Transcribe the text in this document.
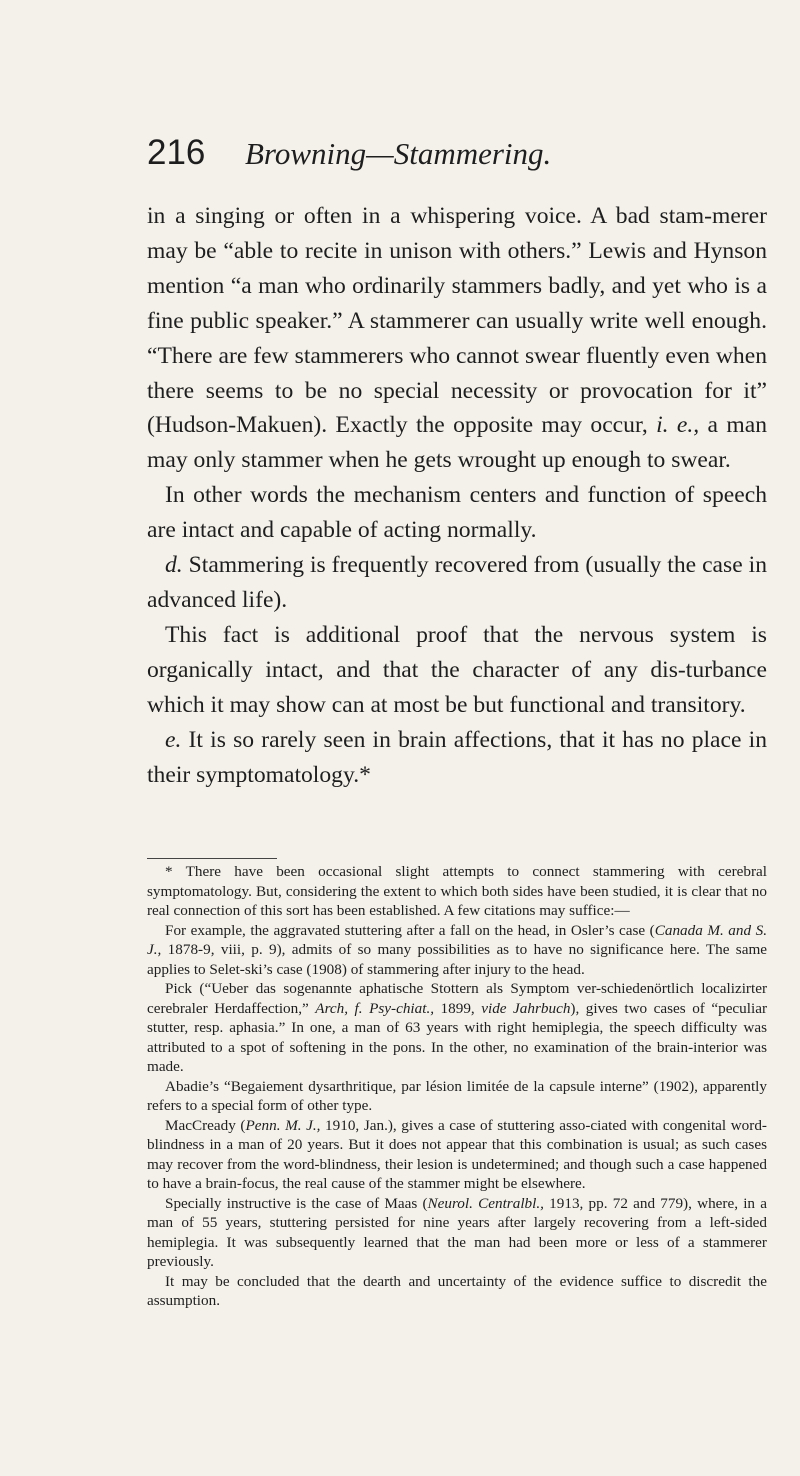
216 Browning—Stammering.

in a singing or often in a whispering voice. A bad stam-merer may be “able to recite in unison with others.” Lewis and Hynson mention “a man who ordinarily stammers badly, and yet who is a fine public speaker.” A stammerer can usually write well enough. “There are few stammerers who cannot swear fluently even when there seems to be no special necessity or provocation for it” (Hudson-Makuen). Exactly the opposite may occur, i. e., a man may only stammer when he gets wrought up enough to swear.

In other words the mechanism centers and function of speech are intact and capable of acting normally.

d. Stammering is frequently recovered from (usually the case in advanced life).

This fact is additional proof that the nervous system is organically intact, and that the character of any dis-turbance which it may show can at most be but functional and transitory.

e. It is so rarely seen in brain affections, that it has no place in their symptomatology.*

* There have been occasional slight attempts to connect stammering with cerebral symptomatology. But, considering the extent to which both sides have been studied, it is clear that no real connection of this sort has been established. A few citations may suffice:—

For example, the aggravated stuttering after a fall on the head, in Osler’s case (Canada M. and S. J., 1878-9, viii, p. 9), admits of so many possibilities as to have no significance here. The same applies to Selet-ski’s case (1908) of stammering after injury to the head.

Pick (“Ueber das sogenannte aphatische Stottern als Symptom ver-schiedenörtlich localizirter cerebraler Herdaffection,” Arch, f. Psy-chiat., 1899, vide Jahrbuch), gives two cases of “peculiar stutter, resp. aphasia.” In one, a man of 63 years with right hemiplegia, the speech difficulty was attributed to a spot of softening in the pons. In the other, no examination of the brain-interior was made.

Abadie’s “Begaiement dysarthritique, par lésion limitée de la capsule interne” (1902), apparently refers to a special form of other type.

MacCready (Penn. M. J., 1910, Jan.), gives a case of stuttering asso-ciated with congenital word-blindness in a man of 20 years. But it does not appear that this combination is usual; as such cases may recover from the word-blindness, their lesion is undetermined; and though such a case happened to have a brain-focus, the real cause of the stammer might be elsewhere.

Specially instructive is the case of Maas (Neurol. Centralbl., 1913, pp. 72 and 779), where, in a man of 55 years, stuttering persisted for nine years after largely recovering from a left-sided hemiplegia. It was subsequently learned that the man had been more or less of a stammerer previously.

It may be concluded that the dearth and uncertainty of the evidence suffice to discredit the assumption.
